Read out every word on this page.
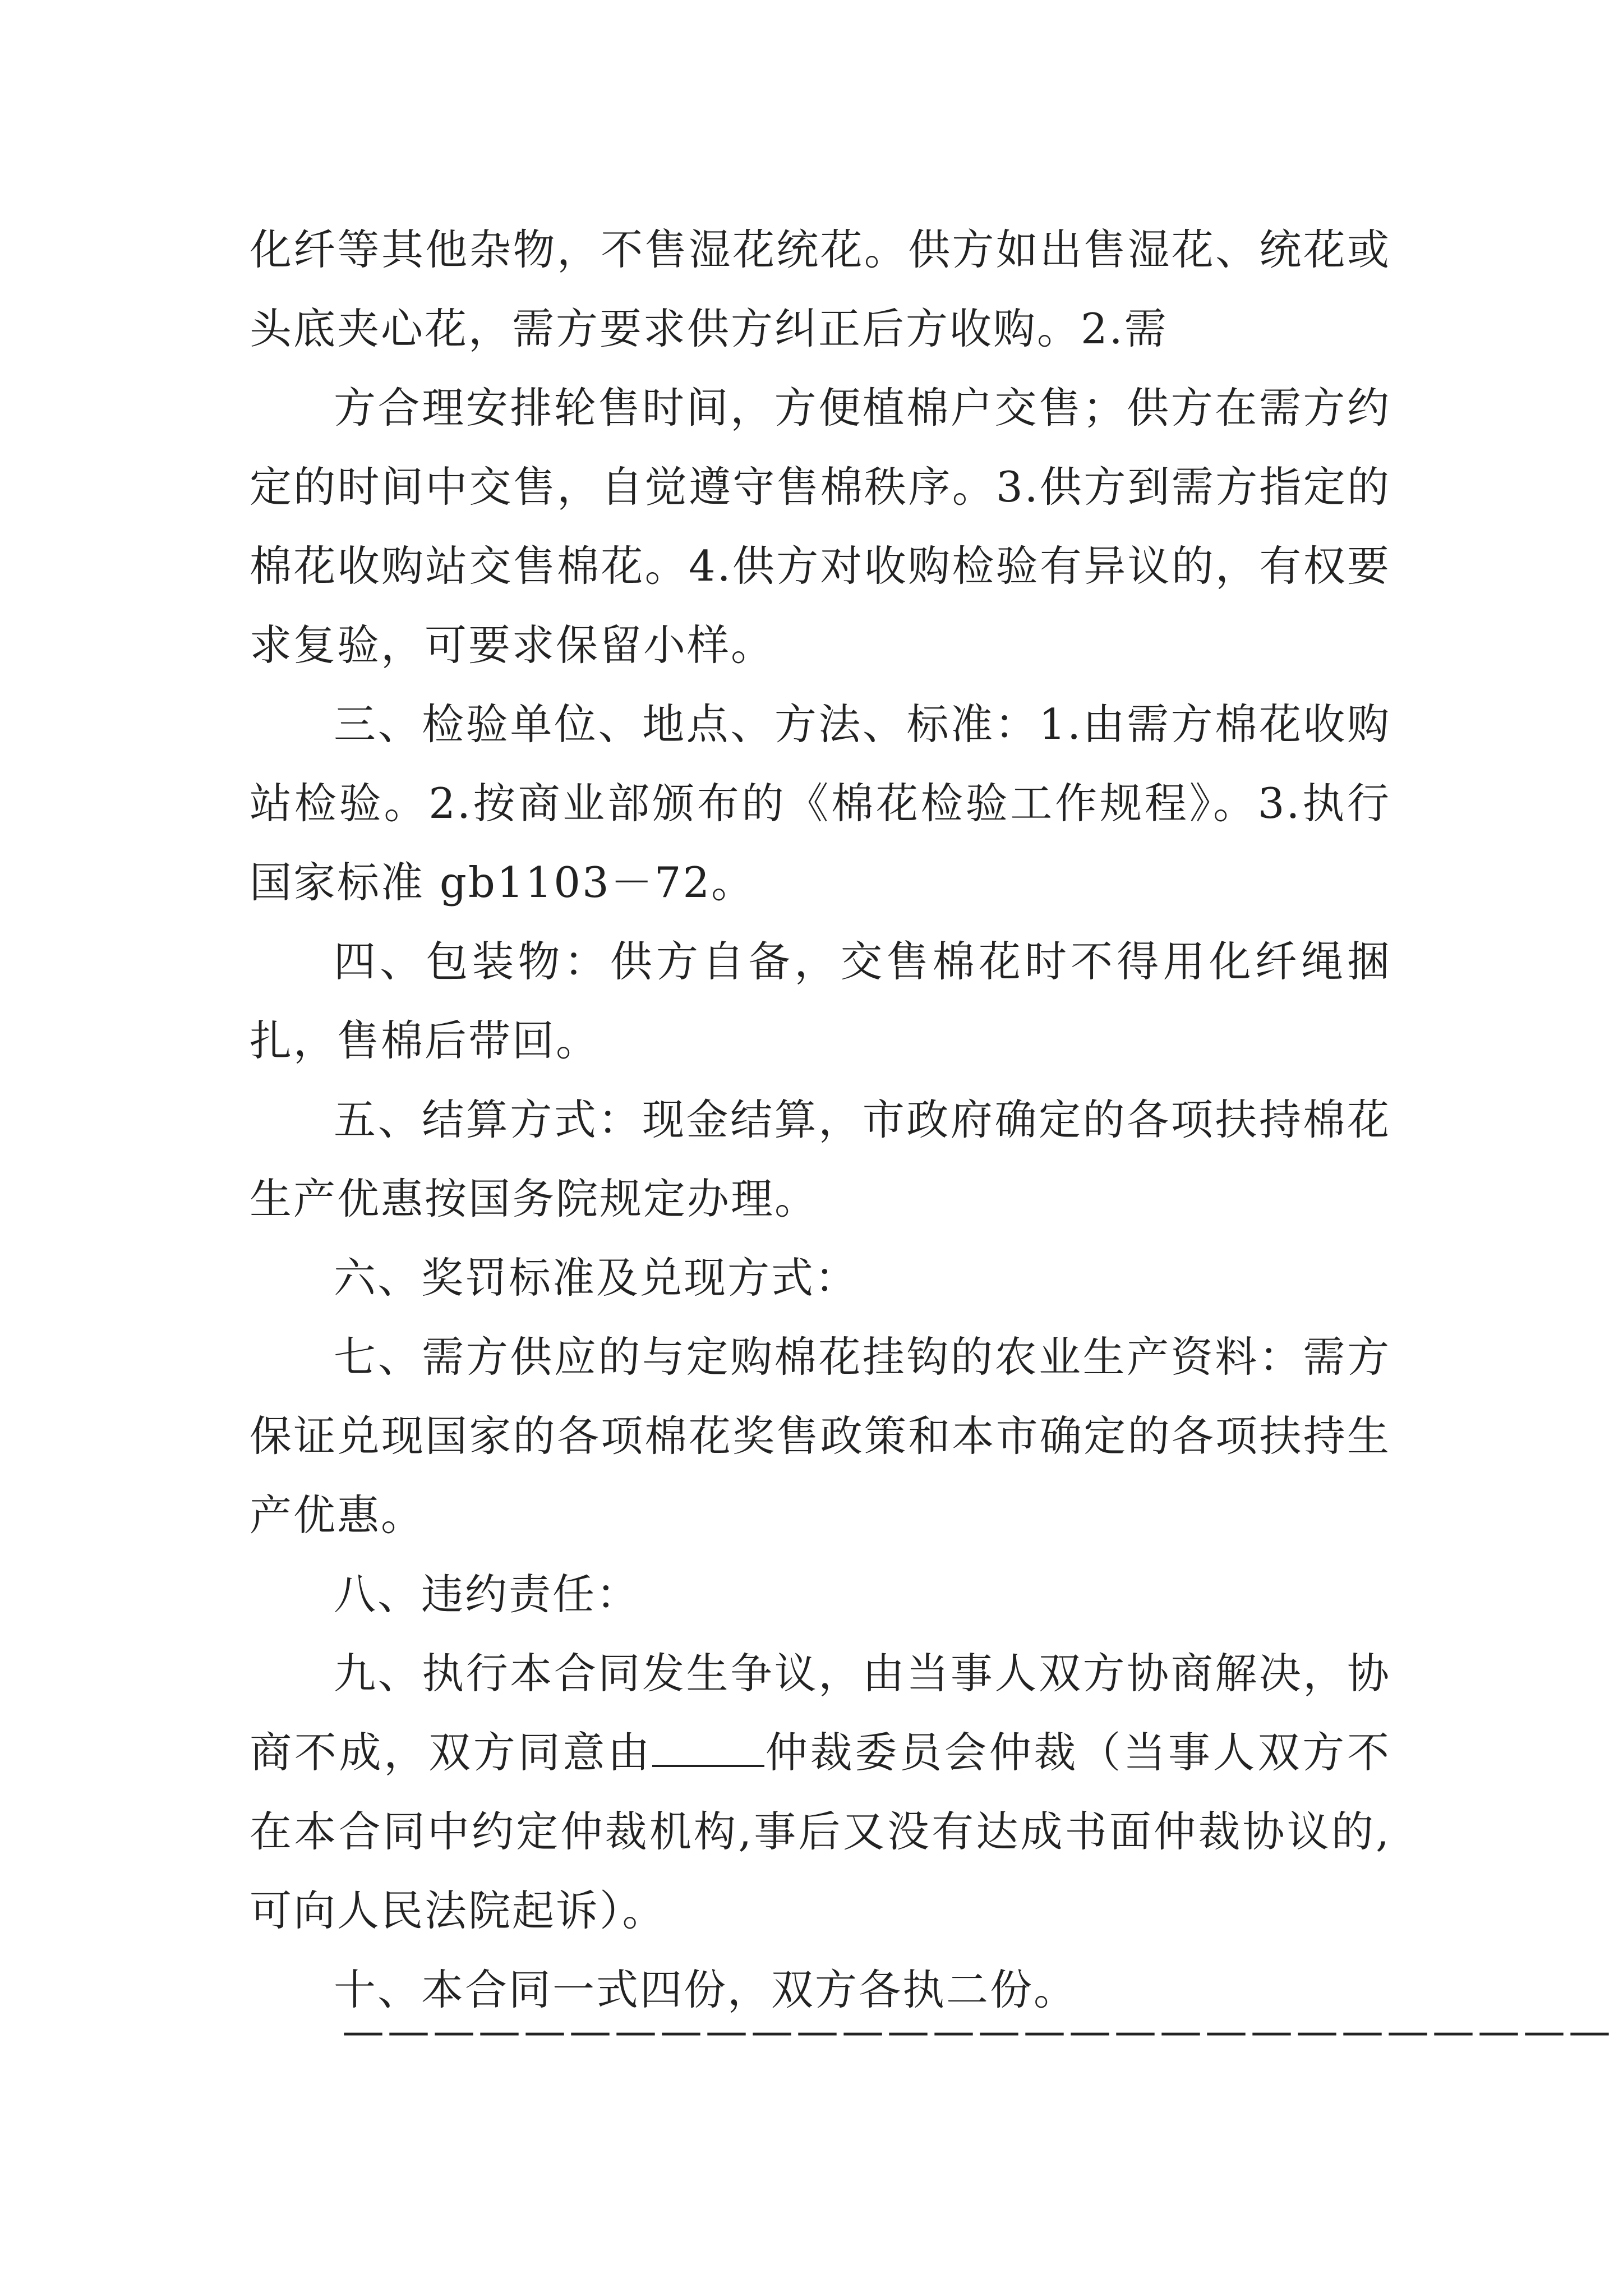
化纤等其他杂物，不售湿花统花。供方如出售湿花、统花或头底夹心花，需方要求供方纠正后方收购。2.需

方合理安排轮售时间，方便植棉户交售；供方在需方约定的时间中交售，自觉遵守售棉秩序。3.供方到需方指定的棉花收购站交售棉花。4.供方对收购检验有异议的，有权要求复验，可要求保留小样。

三、检验单位、地点、方法、标准：1.由需方棉花收购站检验。2.按商业部颁布的《棉花检验工作规程》。3.执行国家标准 gb1103－72。

四、包装物：供方自备，交售棉花时不得用化纤绳捆扎，售棉后带回。

五、结算方式：现金结算，市政府确定的各项扶持棉花生产优惠按国务院规定办理。

六、奖罚标准及兑现方式：

七、需方供应的与定购棉花挂钩的农业生产资料：需方保证兑现国家的各项棉花奖售政策和本市确定的各项扶持生产优惠。

八、违约责任：

九、执行本合同发生争议，由当事人双方协商解决，协商不成，双方同意由	仲裁委员会仲裁（当事人双方不在本合同中约定仲裁机构,事后又没有达成书面仲裁协议的,可向人民法院起诉）。

十、本合同一式四份，双方各执二份。

————————————————————————————
